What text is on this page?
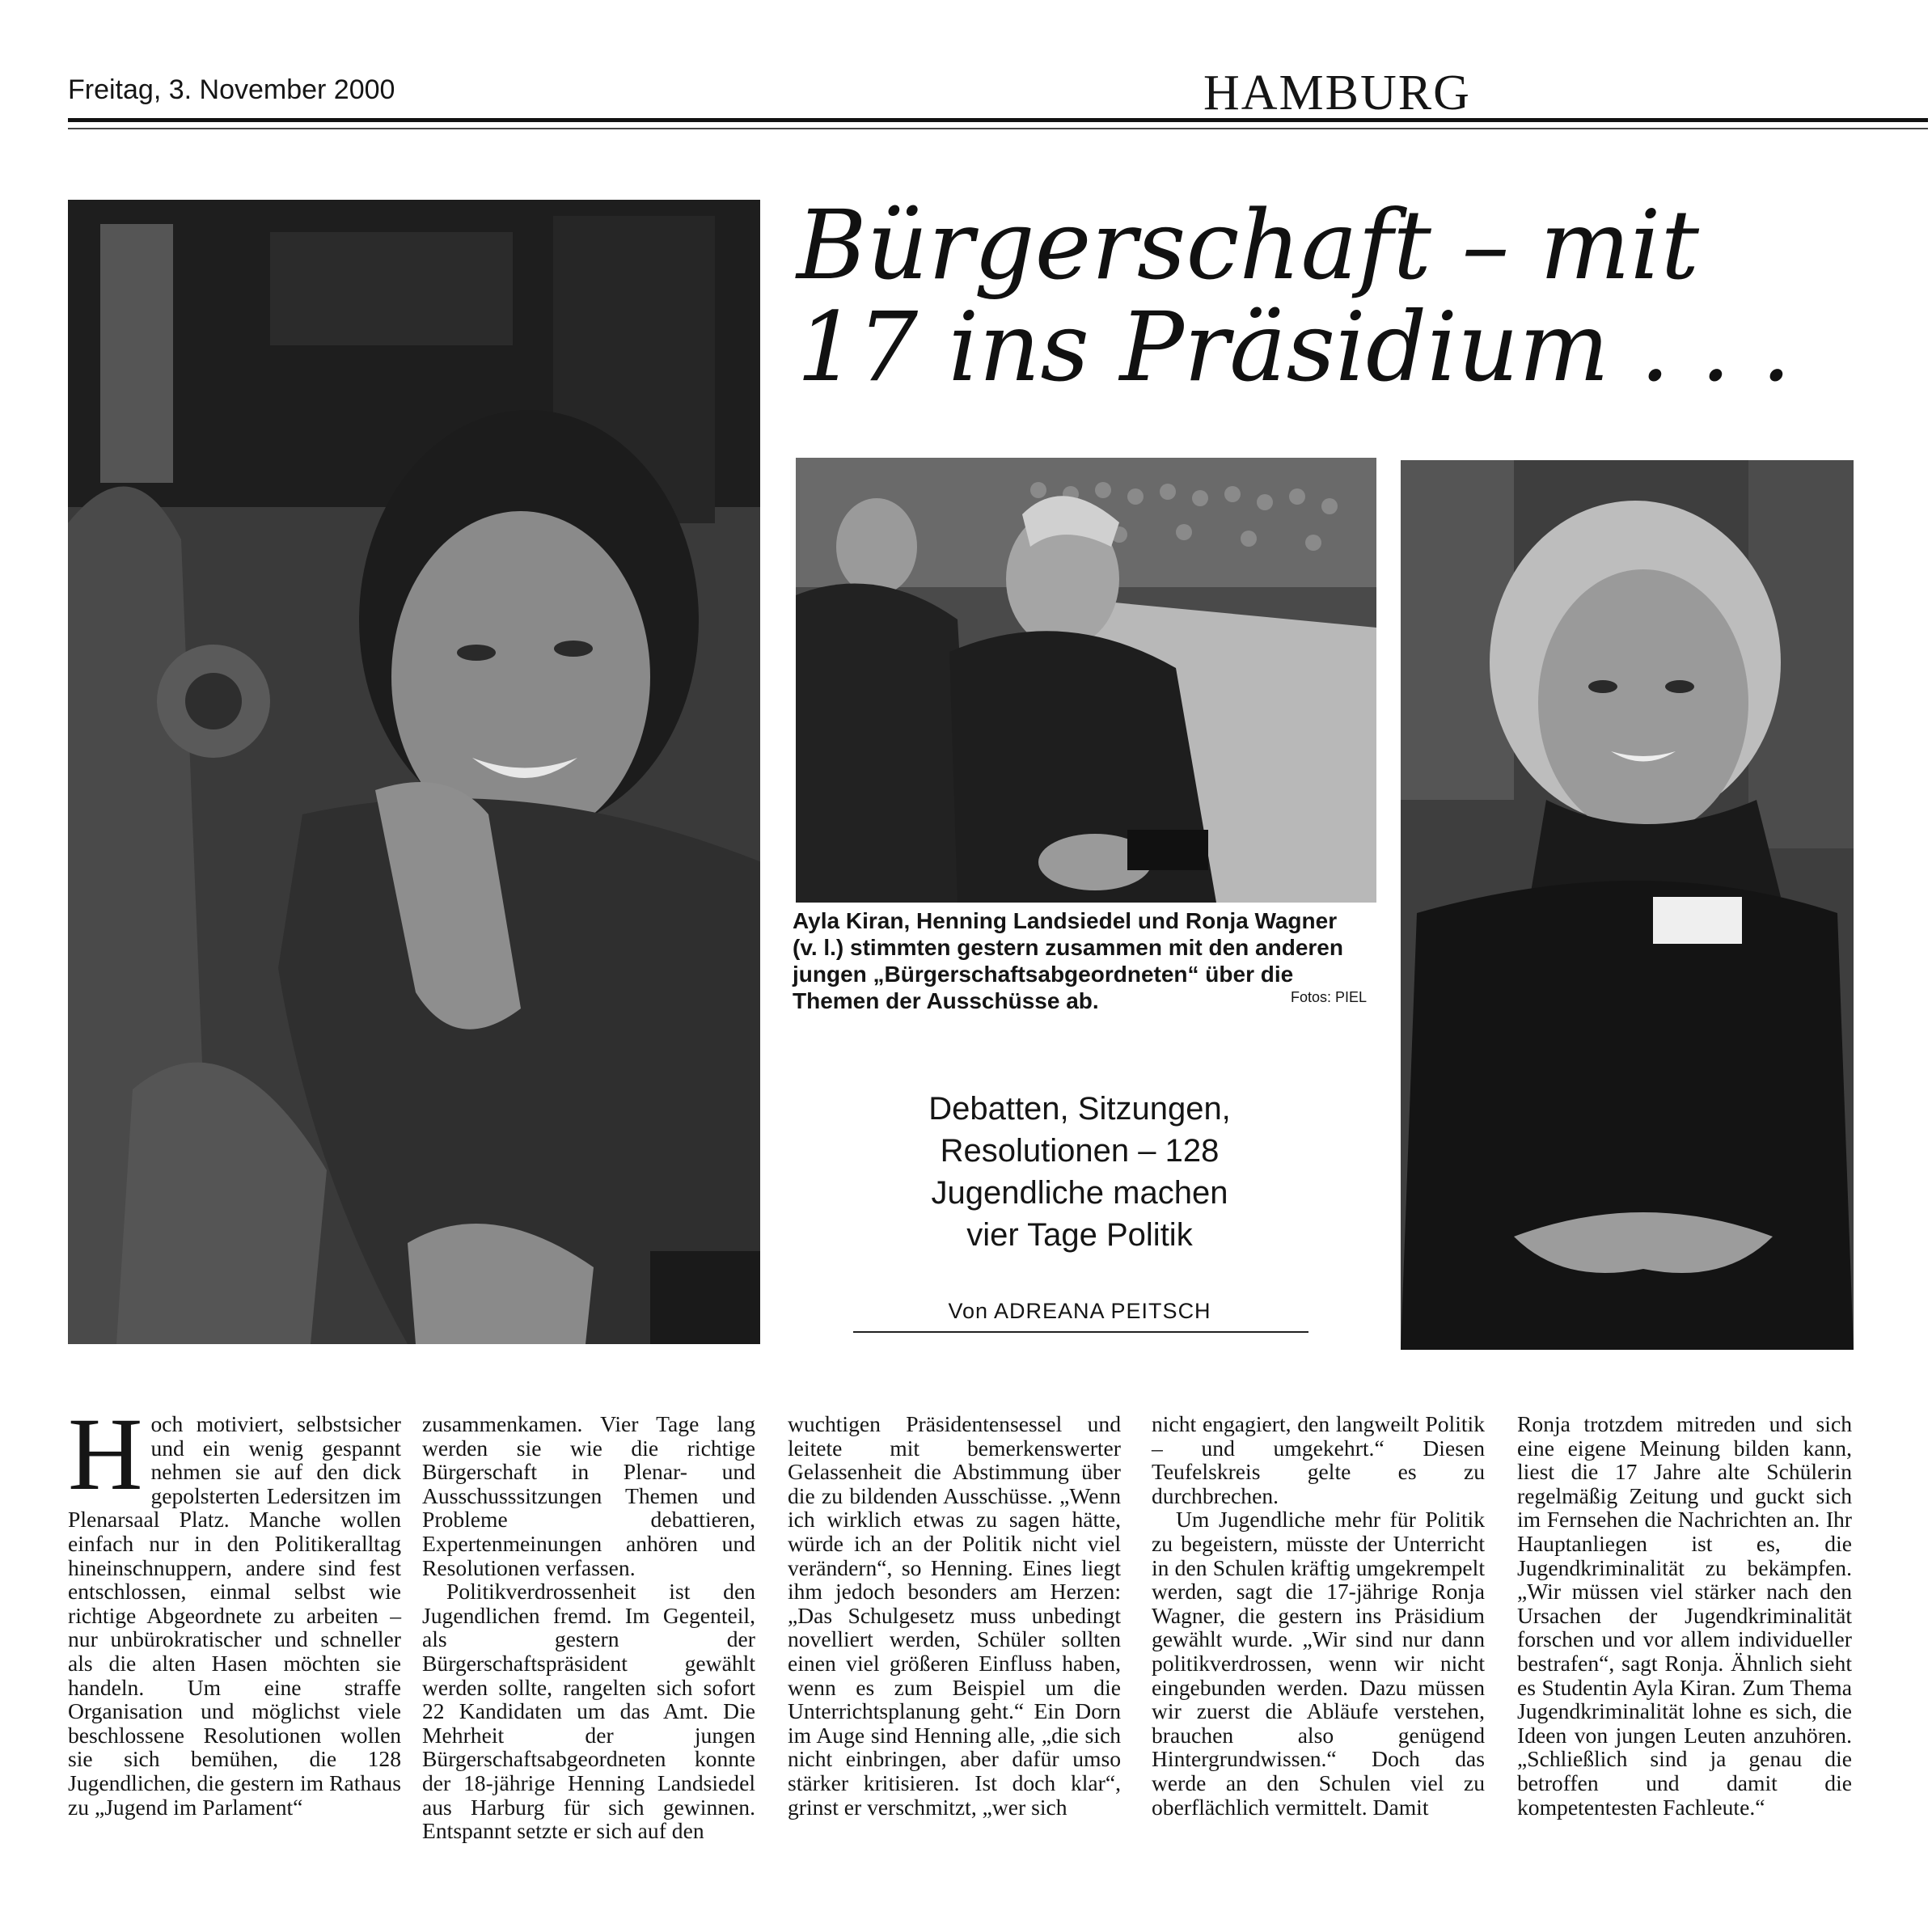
Freitag, 3. November 2000	HAMBURG
Bürgerschaft – mit
17 ins Präsidium . . .
Ayla Kiran, Henning Landsiedel und Ronja Wagner (v. l.) stimmten gestern zusammen mit den anderen jungen „Bürgerschaftsabgeordneten“ über die Themen der Ausschüsse ab.	Fotos: PIEL
Debatten, Sitzungen,
Resolutionen – 128
Jugendliche machen
vier Tage Politik
Von ADREANA PEITSCH

Hoch motiviert, selbstsicher und ein wenig gespannt nehmen sie auf den dick gepolsterten Ledersitzen im Plenarsaal Platz. Manche wollen einfach nur in den Politikeralltag hineinschnuppern, andere sind fest entschlossen, einmal selbst wie richtige Abgeordnete zu arbeiten – nur unbürokratischer und schneller als die alten Hasen möchten sie handeln. Um eine straffe Organisation und möglichst viele beschlossene Resolutionen wollen sie sich bemühen, die 128 Jugendlichen, die gestern im Rathaus zu „Jugend im Parlament“

zusammenkamen. Vier Tage lang werden sie wie die richtige Bürgerschaft in Plenar- und Ausschusssitzungen Themen und Probleme debattieren, Expertenmeinungen anhören und Resolutionen verfassen.

Politikverdrossenheit ist den Jugendlichen fremd. Im Gegenteil, als gestern der Bürgerschaftspräsident gewählt werden sollte, rangelten sich sofort 22 Kandidaten um das Amt. Die Mehrheit der jungen Bürgerschaftsabgeordneten konnte der 18-jährige Henning Landsiedel aus Harburg für sich gewinnen. Entspannt setzte er sich auf den

wuchtigen Präsidentensessel und leitete mit bemerkenswerter Gelassenheit die Abstimmung über die zu bildenden Ausschüsse. „Wenn ich wirklich etwas zu sagen hätte, würde ich an der Politik nicht viel verändern“, so Henning. Eines liegt ihm jedoch besonders am Herzen: „Das Schulgesetz muss unbedingt novelliert werden, Schüler sollten einen viel größeren Einfluss haben, wenn es zum Beispiel um die Unterrichtsplanung geht.“ Ein Dorn im Auge sind Henning alle, „die sich nicht einbringen, aber dafür umso stärker kritisieren. Ist doch klar“, grinst er verschmitzt, „wer sich

nicht engagiert, den langweilt Politik – und umgekehrt.“ Diesen Teufelskreis gelte es zu durchbrechen.

Um Jugendliche mehr für Politik zu begeistern, müsste der Unterricht in den Schulen kräftig umgekrempelt werden, sagt die 17-jährige Ronja Wagner, die gestern ins Präsidium gewählt wurde. „Wir sind nur dann politikverdrossen, wenn wir nicht eingebunden werden. Dazu müssen wir zuerst die Abläufe verstehen, brauchen also genügend Hintergrundwissen.“ Doch das werde an den Schulen viel zu oberflächlich vermittelt. Damit

Ronja trotzdem mitreden und sich eine eigene Meinung bilden kann, liest die 17 Jahre alte Schülerin regelmäßig Zeitung und guckt sich im Fernsehen die Nachrichten an. Ihr Hauptanliegen ist es, die Jugendkriminalität zu bekämpfen. „Wir müssen viel stärker nach den Ursachen der Jugendkriminalität forschen und vor allem individueller bestrafen“, sagt Ronja. Ähnlich sieht es Studentin Ayla Kiran. Zum Thema Jugendkriminalität lohne es sich, die Ideen von jungen Leuten anzuhören. „Schließlich sind ja genau die betroffen und damit die kompetentesten Fachleute.“
